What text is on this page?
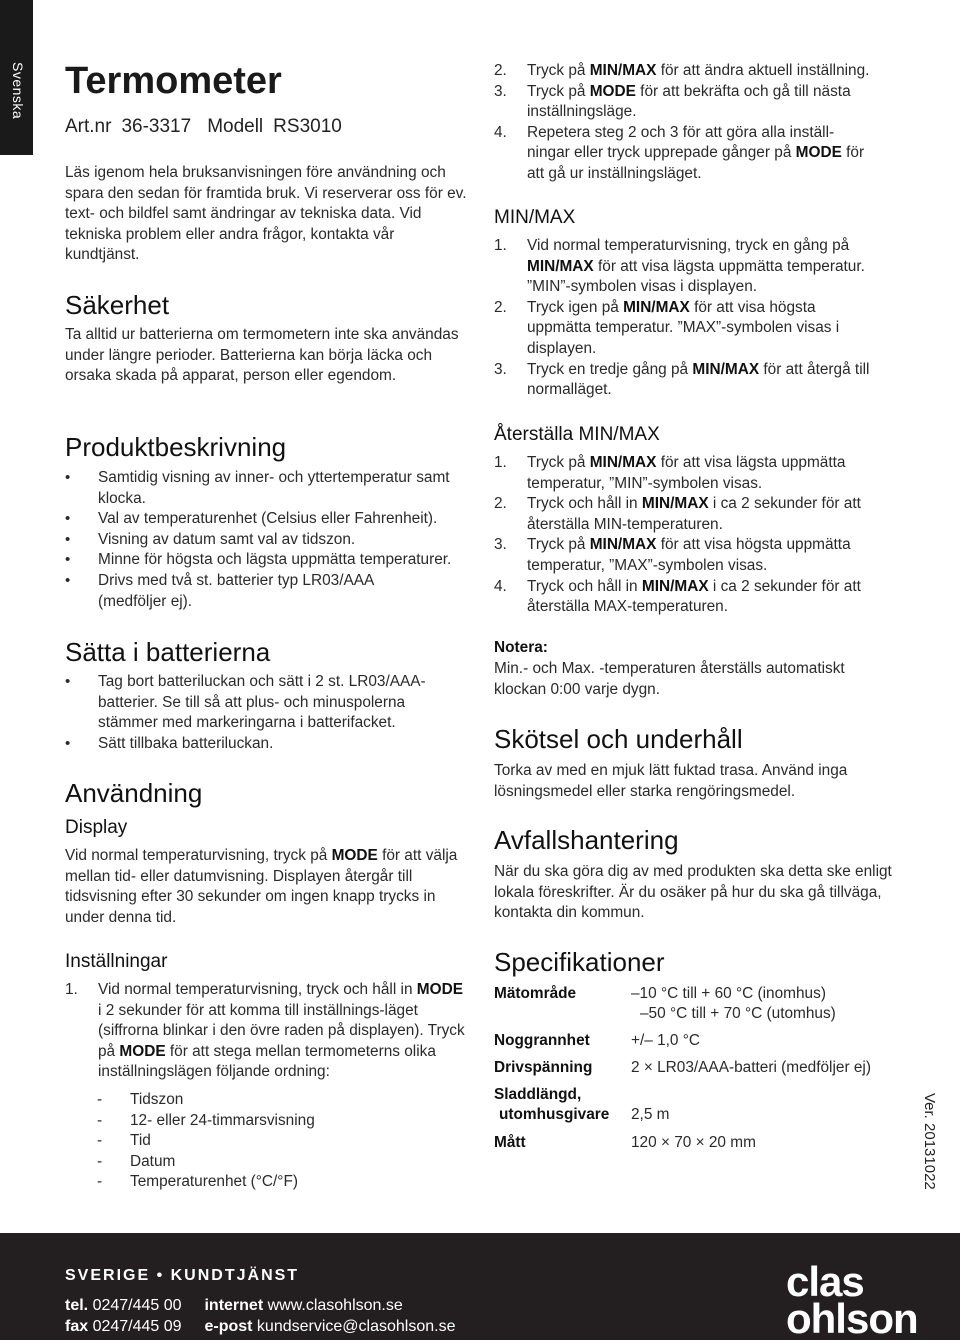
Svenska Termometer
Art.nr 36-3317 Modell RS3010

Läs igenom hela bruksanvisningen före användning och spara den sedan för framtida bruk. Vi reserverar oss för ev. text- och bildfel samt ändringar av tekniska data. Vid tekniska problem eller andra frågor, kontakta vår kundtjänst.

Säkerhet

Ta alltid ur batterierna om termometern inte ska användas under längre perioder. Batterierna kan börja läcka och orsaka skada på apparat, person eller egendom.

Produktbeskrivning
• Samtidig visning av inner- och yttertemperatur samt klocka.
• Val av temperaturenhet (Celsius eller Fahrenheit).
• Visning av datum samt val av tidszon.
• Minne för högsta och lägsta uppmätta temperaturer.
• Drivs med två st. batterier typ LR03/AAA (medföljer ej).
Sätta i batterierna
• Tag bort batteriluckan och sätt i 2 st. LR03/AAA-batterier. Se till så att plus- och minuspolerna stämmer med markeringarna i batterifacket.
• Sätt tillbaka batteriluckan.
Användning
Display

Vid normal temperaturvisning, tryck på MODE för att välja mellan tid- eller datumvisning. Displayen återgår till tidsvisning efter 30 sekunder om ingen knapp trycks in under denna tid.

Inställningar
1. Vid normal temperaturvisning, tryck och håll in MODE i 2 sekunder för att komma till inställnings-läget (siffrorna blinkar i den övre raden på displayen). Tryck på MODE för att stega mellan termometerns olika inställningslägen följande ordning:
- Tidszon
- 12- eller 24-timmarsvisning
- Tid
- Datum
- Temperaturenhet (°C/°F)
2. Tryck på MIN/MAX för att ändra aktuell inställning.
3. Tryck på MODE för att bekräfta och gå till nästa inställningsläge.
4. Repetera steg 2 och 3 för att göra alla inställ-ningar eller tryck upprepade gånger på MODE för att gå ur inställningsläget.
MIN/MAX
1. Vid normal temperaturvisning, tryck en gång på MIN/MAX för att visa lägsta uppmätta temperatur. ”MIN”-symbolen visas i displayen.
2. Tryck igen på MIN/MAX för att visa högsta uppmätta temperatur. ”MAX”-symbolen visas i displayen.
3. Tryck en tredje gång på MIN/MAX för att återgå till normalläget.
Återställa MIN/MAX
1. Tryck på MIN/MAX för att visa lägsta uppmätta temperatur, ”MIN”-symbolen visas.
2. Tryck och håll in MIN/MAX i ca 2 sekunder för att återställa MIN-temperaturen.
3. Tryck på MIN/MAX för att visa högsta uppmätta temperatur, ”MAX”-symbolen visas.
4. Tryck och håll in MIN/MAX i ca 2 sekunder för att återställa MAX-temperaturen.
Notera:

Min.- och Max. -temperaturen återställs automatiskt klockan 0:00 varje dygn.

Skötsel och underhåll

Torka av med en mjuk lätt fuktad trasa. Använd inga lösningsmedel eller starka rengöringsmedel.

Avfallshantering

När du ska göra dig av med produkten ska detta ske enligt lokala föreskrifter. Är du osäker på hur du ska gå tillväga, kontakta din kommun.

Specifikationer
Mätområde	–10 °C till + 60 °C (inomhus)
–50 °C till + 70 °C (utomhus)
Noggrannhet	+/– 1,0 °C
Drivspänning	2 × LR03/AAA-batteri (medföljer ej)
Sladdlängd,
utomhusgivare 2,5 m
Mått	120 × 70 × 20 mm	Ver. 20131022
SVERIGE • KUNDTJÄNST
tel. 0247/445 00 internet www.clasohlson.se
fax 0247/445 09 e-post kundservice@clasohlson.se
clas
ohlson
